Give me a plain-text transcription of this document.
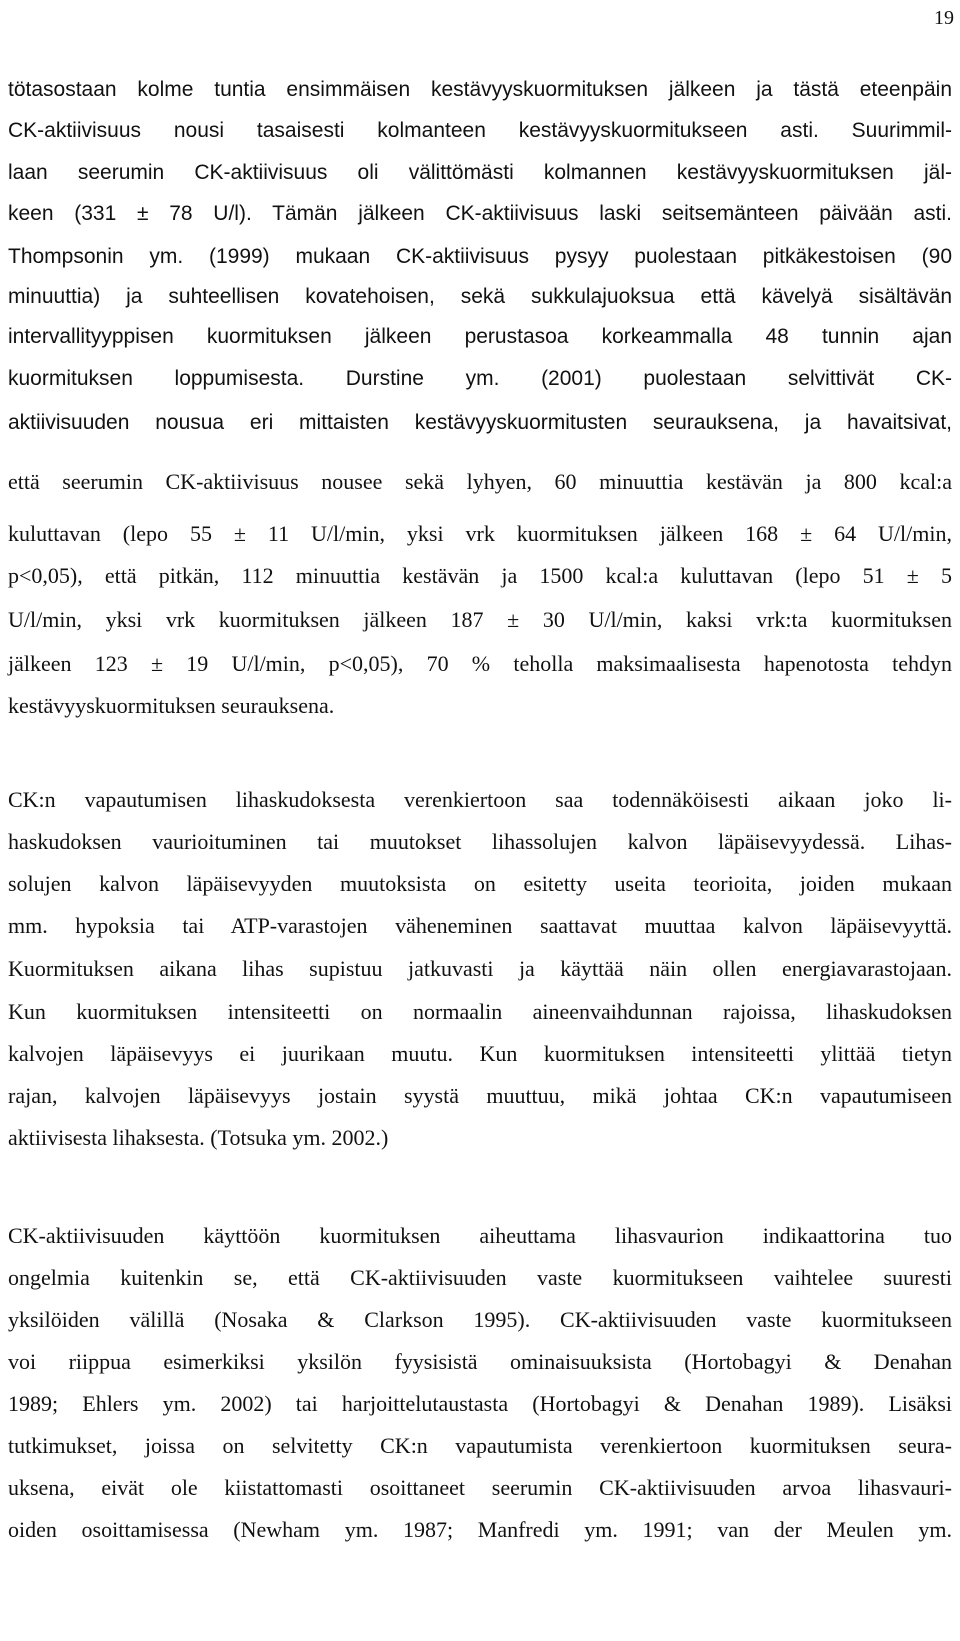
19
tötasostaan kolme tuntia ensimmäisen kestävyyskuormituksen jälkeen ja tästä eteenpäin
CK-aktiivisuus nousi tasaisesti kolmanteen kestävyyskuormitukseen asti. Suurimmil-
laan seerumin CK-aktiivisuus oli välittömästi kolmannen kestävyyskuormituksen jäl-
keen (331 ± 78 U/l). Tämän jälkeen CK-aktiivisuus laski seitsemänteen päivään asti.
Thompsonin ym. (1999) mukaan CK-aktiivisuus pysyy puolestaan pitkäkestoisen (90
minuuttia) ja suhteellisen kovatehoisen, sekä sukkulajuoksua että kävelyä sisältävän
intervallityyppisen kuormituksen jälkeen perustasoa korkeammalla 48 tunnin ajan
kuormituksen loppumisesta. Durstine ym. (2001) puolestaan selvittivät CK-
aktiivisuuden nousua eri mittaisten kestävyyskuormitusten seurauksena, ja havaitsivat,
että seerumin CK-aktiivisuus nousee sekä lyhyen, 60 minuuttia kestävän ja 800 kcal:a
kuluttavan (lepo 55 ± 11 U/l/min, yksi vrk kuormituksen jälkeen 168 ± 64 U/l/min,
p<0,05), että pitkän, 112 minuuttia kestävän ja 1500 kcal:a kuluttavan (lepo 51 ± 5
U/l/min, yksi vrk kuormituksen jälkeen 187 ± 30 U/l/min, kaksi vrk:ta kuormituksen
jälkeen 123 ± 19 U/l/min, p<0,05), 70 % teholla maksimaalisesta hapenotosta tehdyn
kestävyyskuormituksen seurauksena.
CK:n vapautumisen lihaskudoksesta verenkiertoon saa todennäköisesti aikaan joko li-
haskudoksen vaurioituminen tai muutokset lihassolujen kalvon läpäisevyydessä. Lihas-
solujen kalvon läpäisevyyden muutoksista on esitetty useita teorioita, joiden mukaan
mm. hypoksia tai ATP-varastojen väheneminen saattavat muuttaa kalvon läpäisevyyttä.
Kuormituksen aikana lihas supistuu jatkuvasti ja käyttää näin ollen energiavarastojaan.
Kun kuormituksen intensiteetti on normaalin aineenvaihdunnan rajoissa, lihaskudoksen
kalvojen läpäisevyys ei juurikaan muutu. Kun kuormituksen intensiteetti ylittää tietyn
rajan, kalvojen läpäisevyys jostain syystä muuttuu, mikä johtaa CK:n vapautumiseen
aktiivisesta lihaksesta. (Totsuka ym. 2002.)
CK-aktiivisuuden käyttöön kuormituksen aiheuttama lihasvaurion indikaattorina tuo
ongelmia kuitenkin se, että CK-aktiivisuuden vaste kuormitukseen vaihtelee suuresti
yksilöiden välillä (Nosaka & Clarkson 1995). CK-aktiivisuuden vaste kuormitukseen
voi riippua esimerkiksi yksilön fyysisistä ominaisuuksista (Hortobagyi & Denahan
1989; Ehlers ym. 2002) tai harjoittelutaustasta (Hortobagyi & Denahan 1989). Lisäksi
tutkimukset, joissa on selvitetty CK:n vapautumista verenkiertoon kuormituksen seura-
uksena, eivät ole kiistattomasti osoittaneet seerumin CK-aktiivisuuden arvoa lihasvauri-
oiden osoittamisessa (Newham ym. 1987; Manfredi ym. 1991; van der Meulen ym.
